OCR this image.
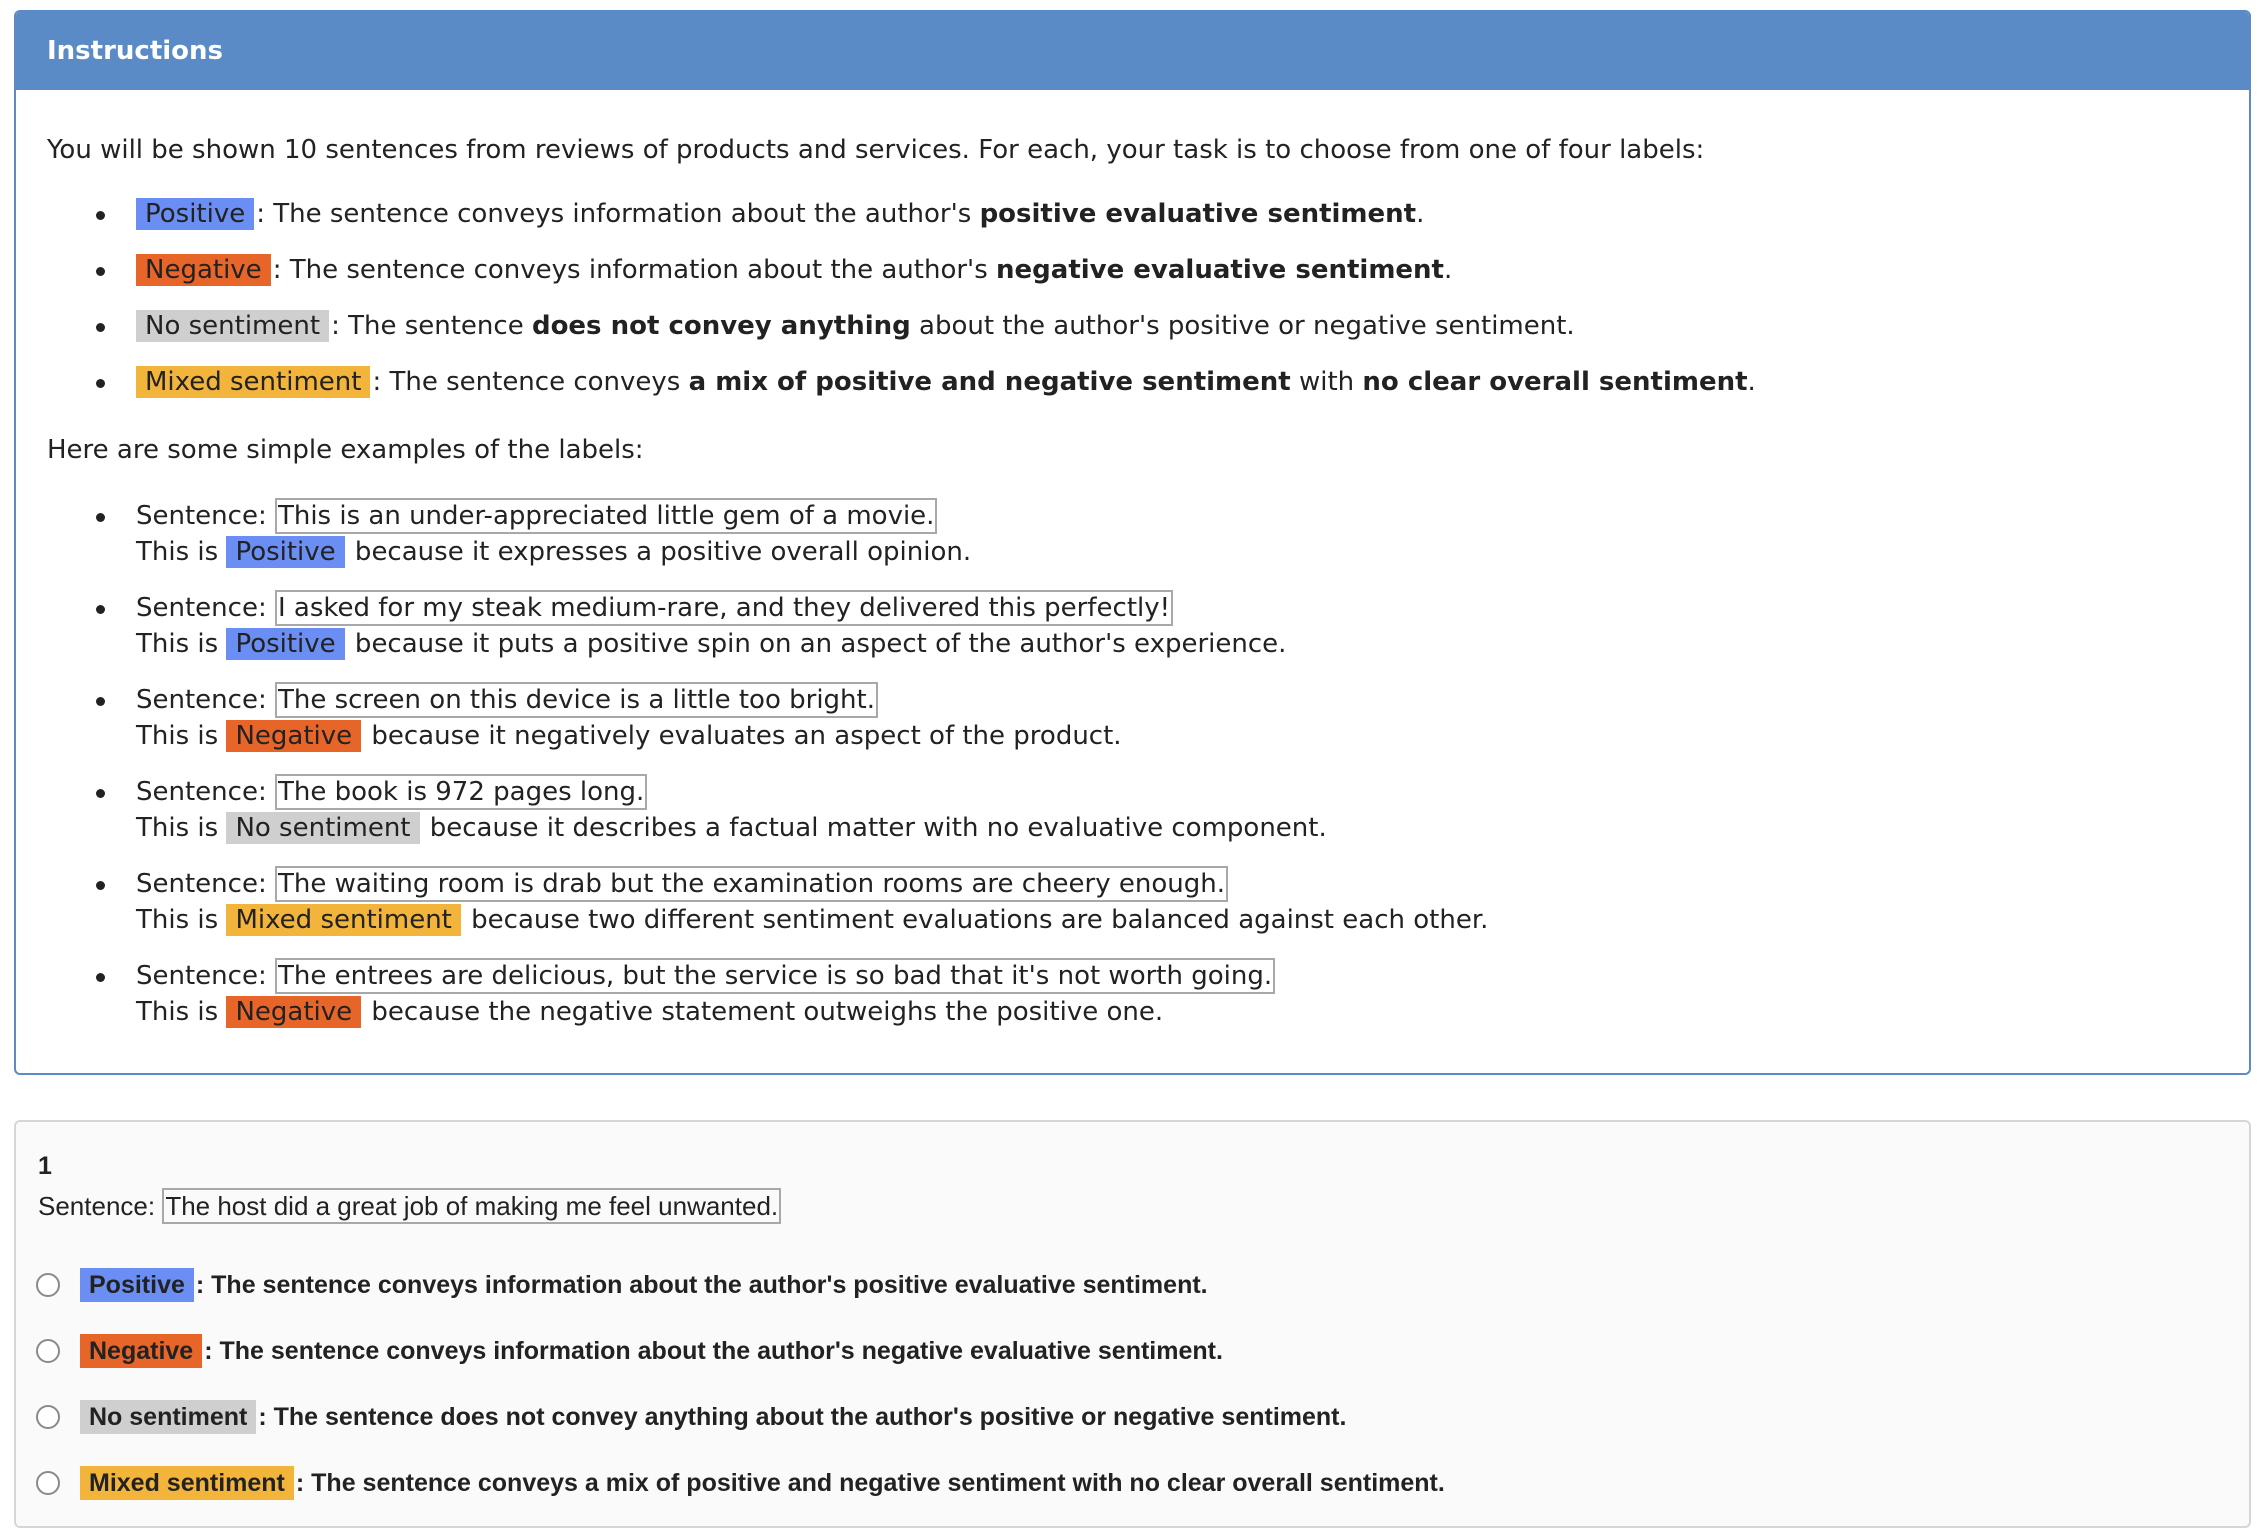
Instructions
You will be shown 10 sentences from reviews of products and services. For each, your task is to choose from one of four labels:
Positive : The sentence conveys information about the author's positive evaluative sentiment.
Negative : The sentence conveys information about the author's negative evaluative sentiment.
No sentiment : The sentence does not convey anything about the author's positive or negative sentiment.
Mixed sentiment : The sentence conveys a mix of positive and negative sentiment with no clear overall sentiment.
Here are some simple examples of the labels:
Sentence: This is an under-appreciated little gem of a movie.
This is Positive because it expresses a positive overall opinion.
Sentence: I asked for my steak medium-rare, and they delivered this perfectly!
This is Positive because it puts a positive spin on an aspect of the author's experience.
Sentence: The screen on this device is a little too bright.
This is Negative because it negatively evaluates an aspect of the product.
Sentence: The book is 972 pages long.
This is No sentiment because it describes a factual matter with no evaluative component.
Sentence: The waiting room is drab but the examination rooms are cheery enough.
This is Mixed sentiment because two different sentiment evaluations are balanced against each other.
Sentence: The entrees are delicious, but the service is so bad that it's not worth going.
This is Negative because the negative statement outweighs the positive one.
1
Sentence: The host did a great job of making me feel unwanted.
Positive : The sentence conveys information about the author's positive evaluative sentiment.
Negative : The sentence conveys information about the author's negative evaluative sentiment.
No sentiment : The sentence does not convey anything about the author's positive or negative sentiment.
Mixed sentiment : The sentence conveys a mix of positive and negative sentiment with no clear overall sentiment.
